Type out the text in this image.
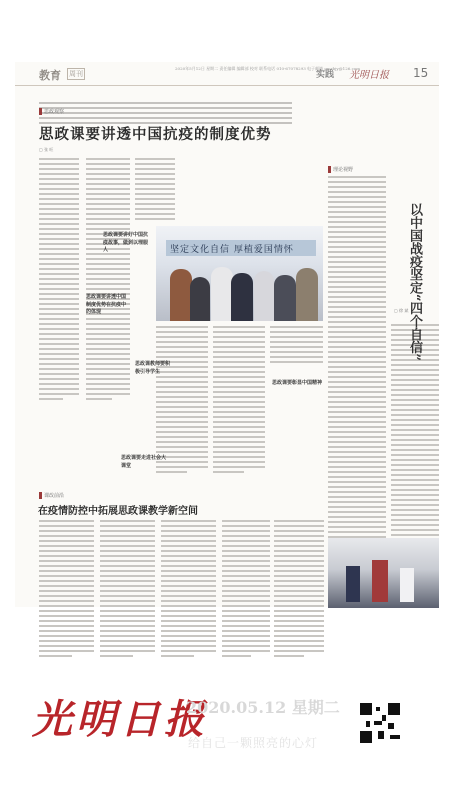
教育 周刊
2020年5月12日 星期二 责任编辑 编辑部 校对 联系电话 010-67078293 电子邮箱 gmrbjy@126.com
实践 光明日报 15
思政观察
思政课要讲透中国抗疫的制度优势
▢ 张 旺
思政课要讲好中国抗疫故事，做到以理服人	坚定文化自信 厚植爱国情怀
思政课要讲透中国制度优势在抗疫中的体现
思政课教师要积极引导学生
思政课要走进社会大课堂
思政课要彰显中国精神
理论视野
以中国战疫坚定“四个自信”
▢ 徐 斌
课改前沿
在疫情防控中拓展思政课教学新空间
光明日报
2020.05.12 星期二
给自己一颗照亮的心灯
